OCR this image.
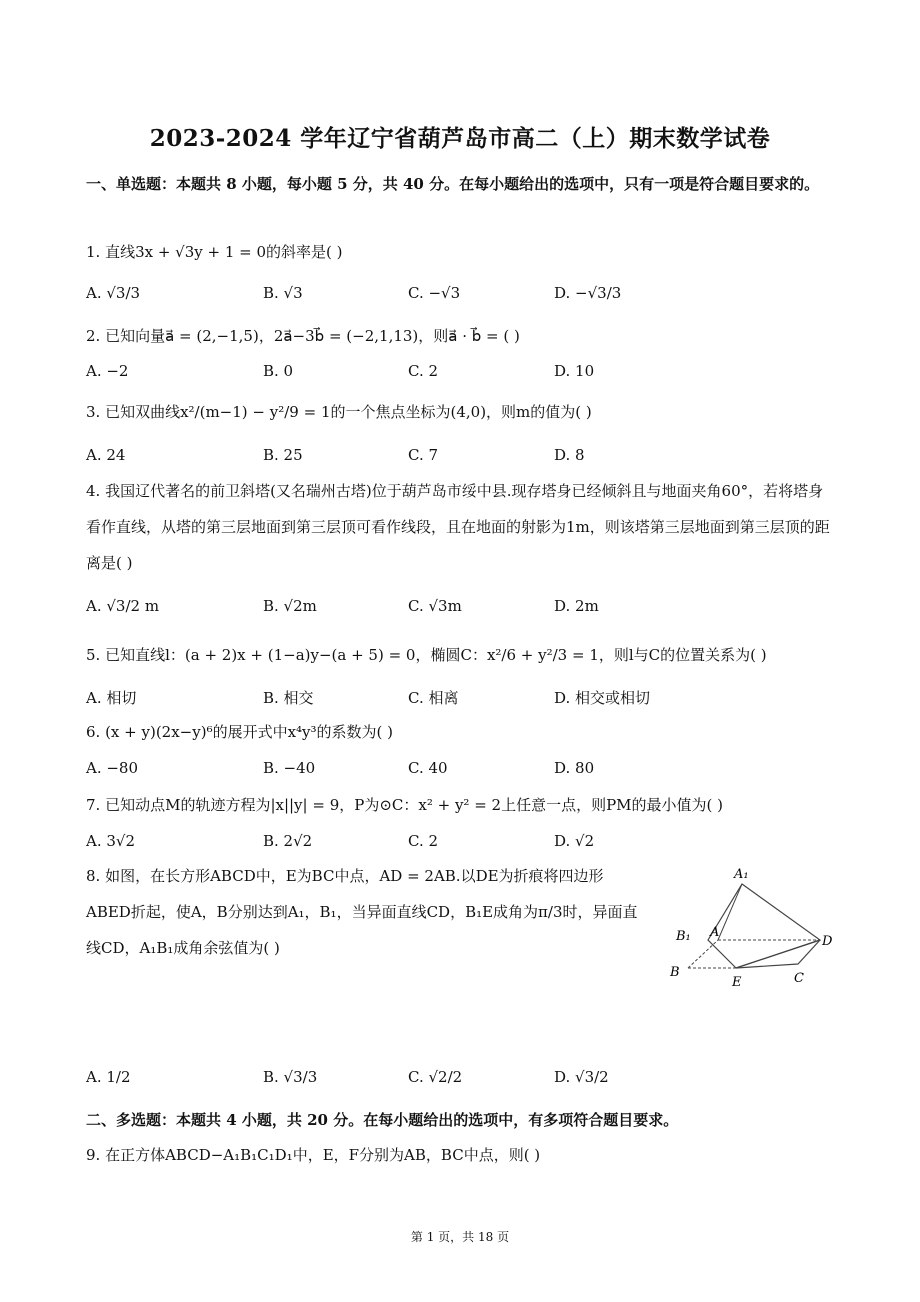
2023-2024 学年辽宁省葫芦岛市高二（上）期末数学试卷
一、单选题：本题共 8 小题，每小题 5 分，共 40 分。在每小题给出的选项中，只有一项是符合题目要求的。
1. 直线3x + √3y + 1 = 0的斜率是( )
A. √3/3	B. √3	C. −√3	D. −√3/3
2. 已知向量a⃗ = (2,−1,5)，2a⃗−3b⃗ = (−2,1,13)，则a⃗ · b⃗ = ( )
A. −2	B. 0	C. 2	D. 10
3. 已知双曲线x²/(m−1) − y²/9 = 1的一个焦点坐标为(4,0)，则m的值为( )
A. 24	B. 25	C. 7	D. 8
4. 我国辽代著名的前卫斜塔(又名瑞州古塔)位于葫芦岛市绥中县.现存塔身已经倾斜且与地面夹角60°，若将塔身看作直线，从塔的第三层地面到第三层顶可看作线段，且在地面的射影为1m，则该塔第三层地面到第三层顶的距离是( )
A. √3/2 m	B. √2m	C. √3m	D. 2m
5. 已知直线l：(a + 2)x + (1−a)y−(a + 5) = 0，椭圆C：x²/6 + y²/3 = 1，则l与C的位置关系为( )
A. 相切	B. 相交	C. 相离	D. 相交或相切
6. (x + y)(2x−y)⁶的展开式中x⁴y³的系数为( )
A. −80	B. −40	C. 40	D. 80
7. 已知动点M的轨迹方程为|x||y| = 9，P为⊙C：x² + y² = 2上任意一点，则PM的最小值为( )
A. 3√2	B. 2√2	C. 2	D. √2
8. 如图，在长方形ABCD中，E为BC中点，AD = 2AB.以DE为折痕将四边形ABED折起，使A，B分别达到A₁，B₁，当异面直线CD，B₁E成角为π/3时，异面直线CD，A₁B₁成角余弦值为( )
A₁
B₁ A
D
B
E	C
A. 1/2	B. √3/3	C. √2/2	D. √3/2
二、多选题：本题共 4 小题，共 20 分。在每小题给出的选项中，有多项符合题目要求。
9. 在正方体ABCD−A₁B₁C₁D₁中，E，F分别为AB，BC中点，则( )
第 1 页，共 18 页
